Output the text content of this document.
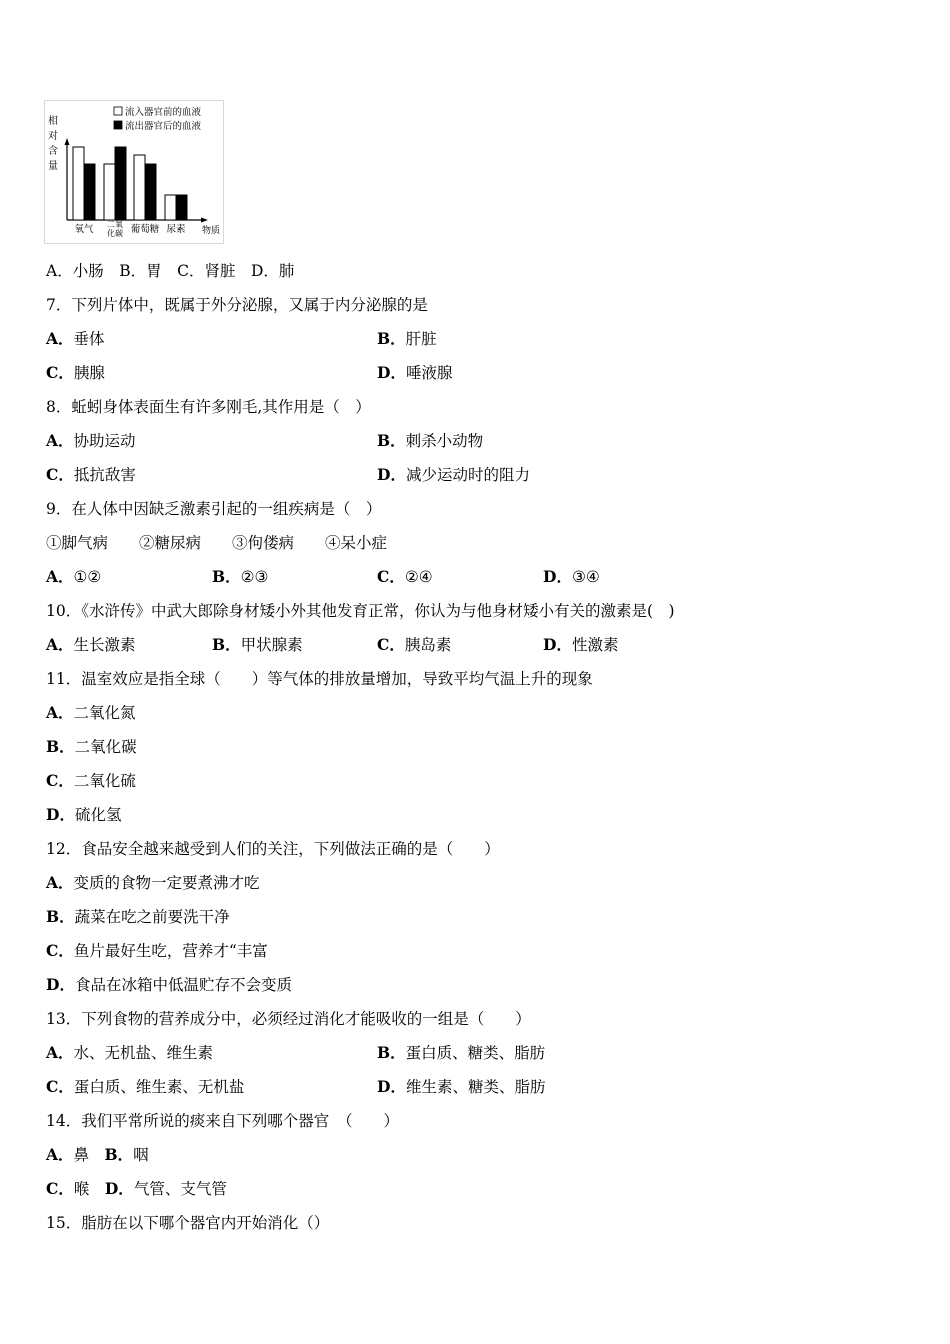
相
对
含
量
流入器官前的血液
流出器官后的血液
氧气 二氧
化碳 葡萄糖 尿素 物质
A．小肠　B．胃　C．肾脏　D．肺
7．下列片体中，既属于外分泌腺，又属于内分泌腺的是
A．垂体	B．肝脏
C．胰腺	D．唾液腺
8．蚯蚓身体表面生有许多刚毛,其作用是（　）
A．协助运动	B．刺杀小动物
C．抵抗敌害	D．减少运动时的阻力
9．在人体中因缺乏激素引起的一组疾病是（　）
①脚气病　　②糖尿病　　③佝偻病　　④呆小症
A．①②	B．②③	C．②④	D．③④
10．《水浒传》中武大郎除身材矮小外其他发育正常，你认为与他身材矮小有关的激素是(　)
A．生长激素	B．甲状腺素	C．胰岛素	D．性激素
11．温室效应是指全球（　　）等气体的排放量增加，导致平均气温上升的现象
A．二氧化氮
B．二氧化碳
C．二氧化硫
D．硫化氢
12．食品安全越来越受到人们的关注，下列做法正确的是（　　）
A．变质的食物一定要煮沸才吃
B．蔬菜在吃之前要洗干净
C．鱼片最好生吃，营养才“丰富
D．食品在冰箱中低温贮存不会变质
13．下列食物的营养成分中，必须经过消化才能吸收的一组是（　　）
A．水、无机盐、维生素	B．蛋白质、糖类、脂肪
C．蛋白质、维生素、无机盐	D．维生素、糖类、脂肪
14．我们平常所说的痰来自下列哪个器官　（　　）
A．鼻　B．咽
C．喉　D．气管、支气管
15．脂肪在以下哪个器官内开始消化（）
